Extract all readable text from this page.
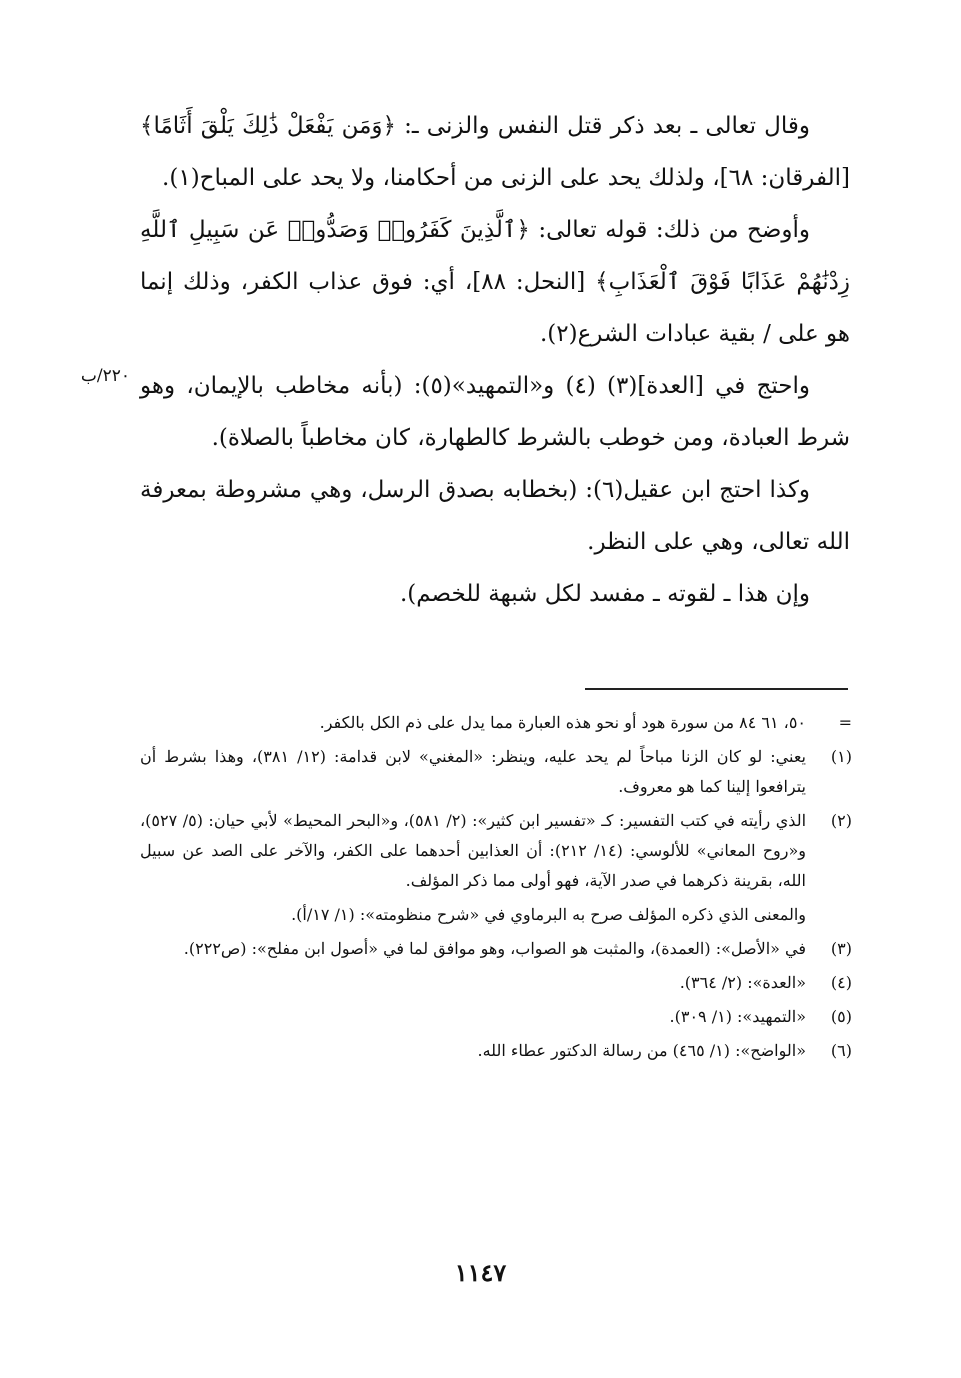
٢٢٠/ب

وقال تعالى ـ بعد ذكر قتل النفس والزنى ـ: ﴿وَمَن يَفْعَلْ ذَٰلِكَ يَلْقَ أَثَامًا﴾ [الفرقان: ٦٨]، ولذلك يحد على الزنى من أحكامنا، ولا يحد على المباح(١).

وأوضح من ذلك: قوله تعالى: ﴿ٱلَّذِينَ كَفَرُوا۟ وَصَدُّوا۟ عَن سَبِيلِ ٱللَّهِ زِدْنَٰهُمْ عَذَابًا فَوْقَ ٱلْعَذَابِ﴾ [النحل: ٨٨]، أي: فوق عذاب الكفر، وذلك إنما هو على / بقية عبادات الشرع(٢).

واحتج في [العدة](٣) (٤) و«التمهيد»(٥): (بأنه مخاطب بالإيمان، وهو شرط العبادة، ومن خوطب بالشرط كالطهارة، كان مخاطباً بالصلاة).

وكذا احتج ابن عقيل(٦): (بخطابه بصدق الرسل، وهي مشروطة بمعرفة الله تعالى، وهي على النظر.

وإن هذا ـ لقوته ـ مفسد لكل شبهة للخصم).

=
٥٠، ٦١ ٨٤ من سورة هود أو نحو هذه العبارة مما يدل على ذم الكل بالكفر.
(١)
يعني: لو كان الزنا مباحاً لم يحد عليه، وينظر: «المغني» لابن قدامة: (١٢/ ٣٨١)، وهذا بشرط أن يترافعوا إلينا كما هو معروف.
(٢)
الذي رأيته في كتب التفسير: كـ «تفسير ابن كثير»: (٢/ ٥٨١)، و«البحر المحيط» لأبي حيان: (٥/ ٥٢٧)، و«روح المعاني» للألوسي: (١٤/ ٢١٢): أن العذابين أحدهما على الكفر، والآخر على الصد عن سبيل الله، بقرينة ذكرهما في صدر الآية، فهو أولى مما ذكر المؤلف.
والمعنى الذي ذكره المؤلف صرح به البرماوي في «شرح منظومته»: (١/ ١٧/أ).
(٣)
في «الأصل»: (العمدة)، والمثبت هو الصواب، وهو موافق لما في «أصول ابن مفلح»: (ص٢٢٢).
(٤)
«العدة»: (٢/ ٣٦٤).
(٥)
«التمهيد»: (١/ ٣٠٩).
(٦)
«الواضح»: (١/ ٤٦٥) من رسالة الدكتور عطاء الله.
١١٤٧
